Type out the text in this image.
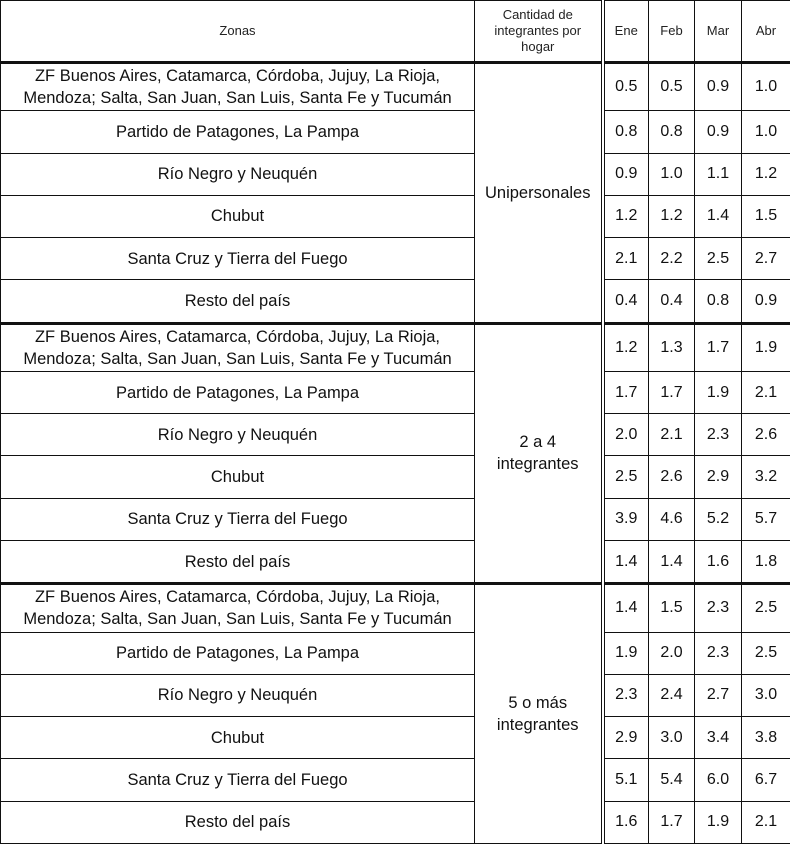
Zonas	Cantidad de integrantes por hogar	Ene	Feb	Mar	Abr
ZF Buenos Aires, Catamarca, Córdoba, Jujuy, La Rioja, Mendoza; Salta, San Juan, San Luis, Santa Fe y Tucumán	Unipersonales	0.5	0.5	0.9	1.0
Partido de Patagones, La Pampa		0.8	0.8	0.9	1.0
Río Negro y Neuquén		0.9	1.0	1.1	1.2
Chubut		1.2	1.2	1.4	1.5
Santa Cruz y Tierra del Fuego		2.1	2.2	2.5	2.7
Resto del país		0.4	0.4	0.8	0.9
ZF Buenos Aires, Catamarca, Córdoba, Jujuy, La Rioja, Mendoza; Salta, San Juan, San Luis, Santa Fe y Tucumán	2 a 4 integrantes	1.2	1.3	1.7	1.9
Partido de Patagones, La Pampa		1.7	1.7	1.9	2.1
Río Negro y Neuquén		2.0	2.1	2.3	2.6
Chubut		2.5	2.6	2.9	3.2
Santa Cruz y Tierra del Fuego		3.9	4.6	5.2	5.7
Resto del país		1.4	1.4	1.6	1.8
ZF Buenos Aires, Catamarca, Córdoba, Jujuy, La Rioja, Mendoza; Salta, San Juan, San Luis, Santa Fe y Tucumán	5 o más integrantes	1.4	1.5	2.3	2.5
Partido de Patagones, La Pampa		1.9	2.0	2.3	2.5
Río Negro y Neuquén		2.3	2.4	2.7	3.0
Chubut		2.9	3.0	3.4	3.8
Santa Cruz y Tierra del Fuego		5.1	5.4	6.0	6.7
Resto del país		1.6	1.7	1.9	2.1
